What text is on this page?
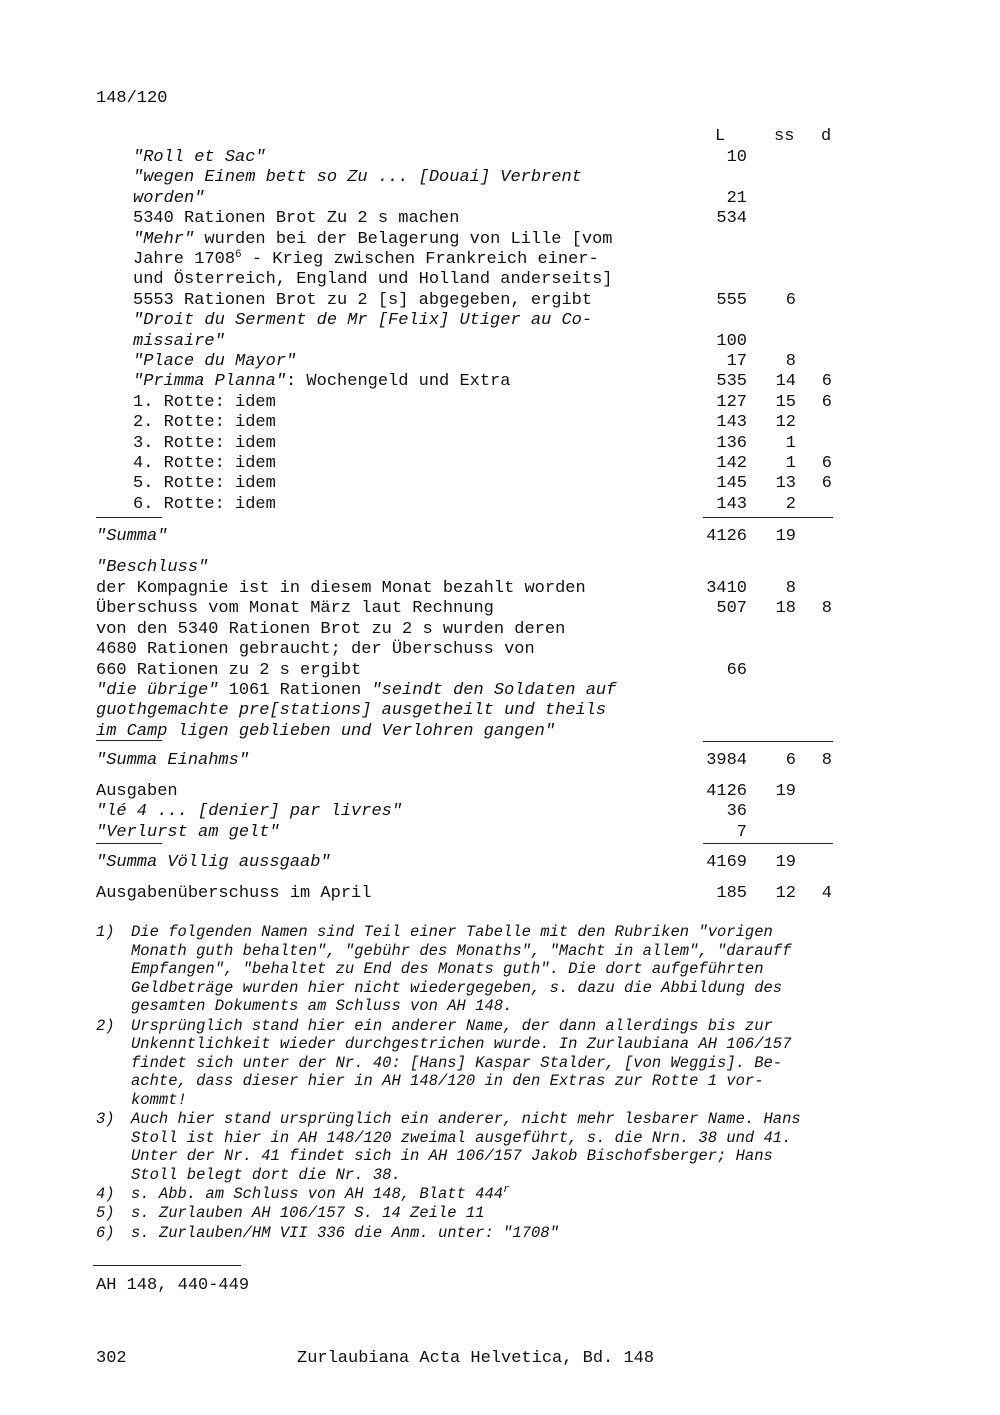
148/120
L	ss d
"Roll et Sac"	10
"wegen Einem bett so Zu ... [Douai] Verbrent
worden"	21
5340 Rationen Brot Zu 2 s machen	534
"Mehr" wurden bei der Belagerung von Lille [vom
Jahre 1708$^6$ - Krieg zwischen Frankreich einer-
und Österreich, England und Holland anderseits]
5553 Rationen Brot zu 2 [s] abgegeben, ergibt	555 6
"Droit du Serment de Mr [Felix] Utiger au Co-
missaire"	100
"Place du Mayor"	17 8
"Primma Planna": Wochengeld und Extra	535 14 6
1. Rotte: idem	127 15 6
2. Rotte: idem	143 12
3. Rotte: idem	136 1
4. Rotte: idem	142 1 6
5. Rotte: idem	145 13 6
6. Rotte: idem	143 2
"Summa"	4126 19
"Beschluss"
der Kompagnie ist in diesem Monat bezahlt worden	3410 8
Überschuss vom Monat März laut Rechnung	507 18 8
von den 5340 Rationen Brot zu 2 s wurden deren
4680 Rationen gebraucht; der Überschuss von
660 Rationen zu 2 s ergibt	66
"die übrige" 1061 Rationen "seindt den Soldaten auf
guothgemachte pre[stations] ausgetheilt und theils
im Camp ligen geblieben und Verlohren gangen"
"Summa Einahms"	3984 6 8
Ausgaben	4126 19
"lé 4 ... [denier] par livres"	36
"Verlurst am gelt"	7
"Summa Völlig aussgaab"	4169 19
Ausgabenüberschuss im April	185 12 4
1) Die folgenden Namen sind Teil einer Tabelle mit den Rubriken "vorigen
Monath guth behalten", "gebühr des Monaths", "Macht in allem", "darauff
Empfangen", "behaltet zu End des Monats guth". Die dort aufgeführten
Geldbeträge wurden hier nicht wiedergegeben, s. dazu die Abbildung des
gesamten Dokuments am Schluss von AH 148.
2) Ursprünglich stand hier ein anderer Name, der dann allerdings bis zur
Unkenntlichkeit wieder durchgestrichen wurde. In Zurlaubiana AH 106/157
findet sich unter der Nr. 40: [Hans] Kaspar Stalder, [von Weggis]. Be-
achte, dass dieser hier in AH 148/120 in den Extras zur Rotte 1 vor-
kommt!
3) Auch hier stand ursprünglich ein anderer, nicht mehr lesbarer Name. Hans
Stoll ist hier in AH 148/120 zweimal ausgeführt, s. die Nrn. 38 und 41.
Unter der Nr. 41 findet sich in AH 106/157 Jakob Bischofsberger; Hans
Stoll belegt dort die Nr. 38.
4) s. Abb. am Schluss von AH 148, Blatt 444$^r$
5) s. Zurlauben AH 106/157 S. 14 Zeile 11
6) s. Zurlauben/HM VII 336 die Anm. unter: "1708"
AH 148, 440-449
302	Zurlaubiana Acta Helvetica, Bd. 148
